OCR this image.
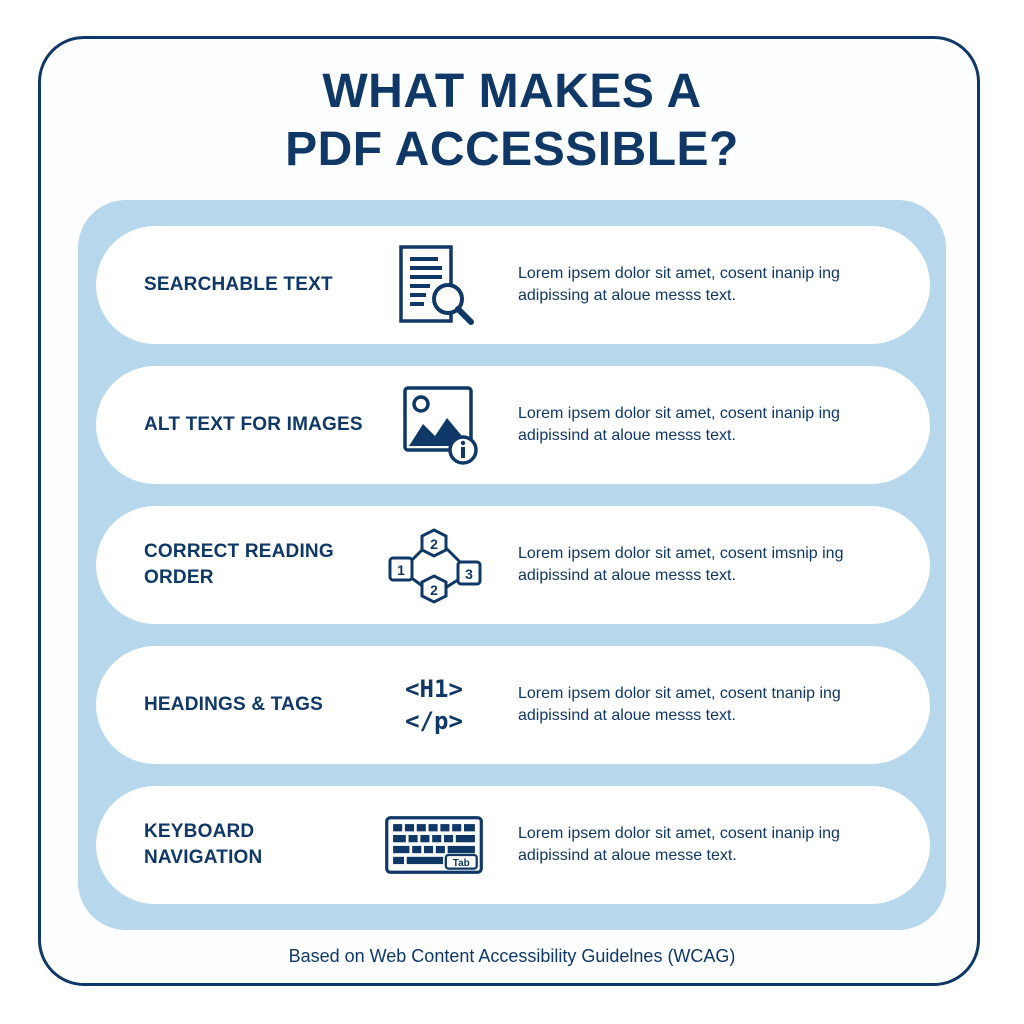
WHAT MAKES A
PDF ACCESSIBLE?
SEARCHABLE TEXT
Lorem ipsem dolor sit amet, cosent inanip ing adipissing at aloue messs text.
ALT TEXT FOR IMAGES
Lorem ipsem dolor sit amet, cosent inanip ing adipissind at aloue messs text.
CORRECT READING ORDER	1
2
2
3
Lorem ipsem dolor sit amet, cosent imsnip ing adipissind at aloue messs text.
HEADINGS & TAGS
<H1>
</p>
Lorem ipsem dolor sit amet, cosent tnanip ing adipissind at aloue messs text.
KEYBOARD NAVIGATION	Tab
Lorem ipsem dolor sit amet, cosent inanip ing adipissind at aloue messe text.
Based on Web Content Accessibility Guidelnes (WCAG)
